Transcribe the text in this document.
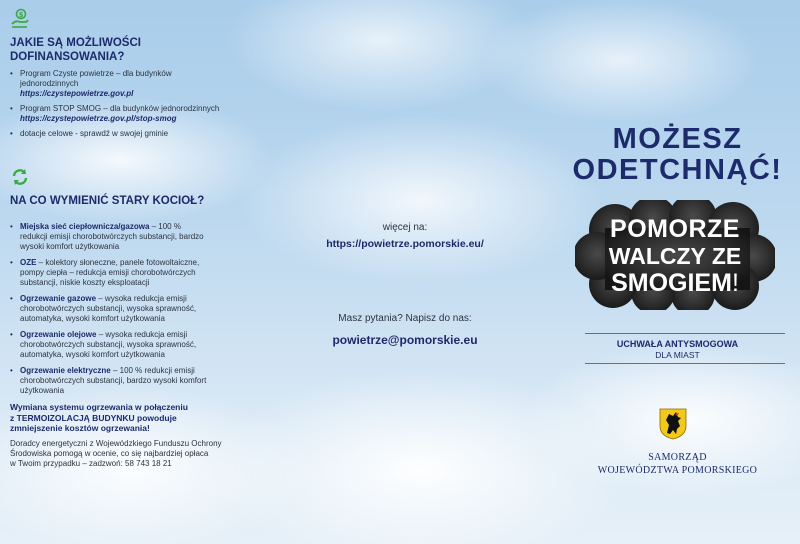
$

JAKIE SĄ MOŻLIWOŚCI

DOFINANSOWANIA?

• Program Czyste powietrze – dla budynków
jednorodzinnych
https://czystepowietrze.gov.pl
• Program STOP SMOG – dla budynków jednorodzinnych
https://czystepowietrze.gov.pl/stop-smog
• dotacje celowe - sprawdź w swojej gminie

NA CO WYMIENIĆ STARY KOCIOŁ?

• Miejska sieć ciepłownicza/gazowa – 100 %
redukcji emisji chorobotwórczych substancji, bardzo
wysoki komfort użytkowania
• OZE – kolektory słoneczne, panele fotowoltaiczne,
pompy ciepła – redukcja emisji chorobotwórczych
substancji, niskie koszty eksploatacji
• Ogrzewanie gazowe – wysoka redukcja emisji
chorobotwórczych substancji, wysoka sprawność,
automatyka, wysoki komfort użytkowania
• Ogrzewanie olejowe – wysoka redukcja emisji
chorobotwórczych substancji, wysoka sprawność,
automatyka, wysoki komfort użytkowania
• Ogrzewanie elektryczne – 100 % redukcji emisji
chorobotwórczych substancji, bardzo wysoki komfort
użytkowania
Wymiana systemu ogrzewania w połączeniu
z TERMOIZOLACJĄ BUDYNKU powoduje
zmniejszenie kosztów ogrzewania!
Doradcy energetyczni z Wojewódzkiego Funduszu Ochrony
Środowiska pomogą w ocenie, co się najbardziej opłaca
w Twoim przypadku – zadzwoń: 58 743 18 21
więcej na:
https://powietrze.pomorskie.eu/
Masz pytania? Napisz do nas:
powietrze@pomorskie.eu
MOŻESZ
ODETCHNĄĆ!
POMORZE
WALCZY ZE
SMOGIEM!
UCHWAŁA ANTYSMOGOWA
DLA MIAST
SAMORZĄD
WOJEWÓDZTWA POMORSKIEGO
